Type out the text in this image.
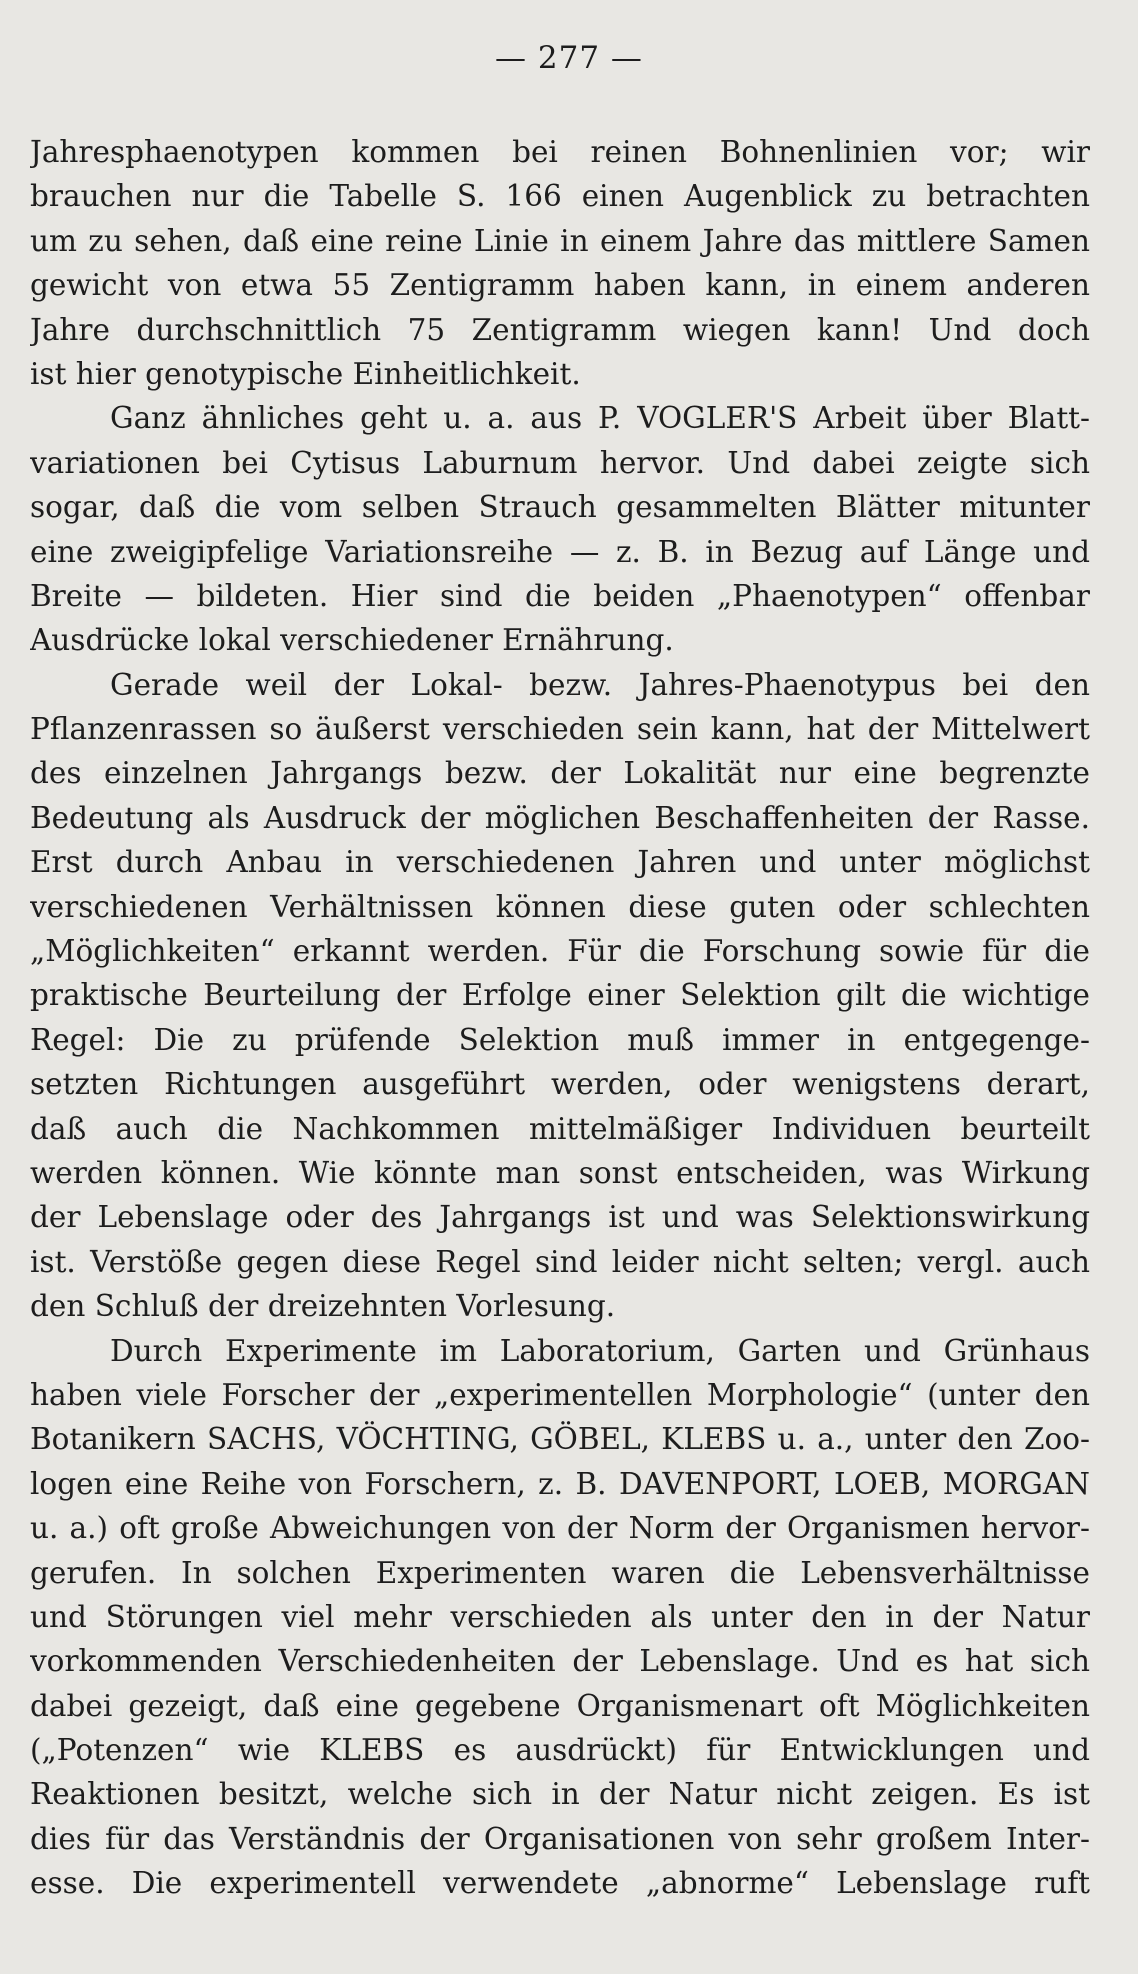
— 277 —
Jahresphaenotypen kommen bei reinen Bohnenlinien vor; wir
brauchen nur die Tabelle S. 166 einen Augenblick zu betrachten
um zu sehen, daß eine reine Linie in einem Jahre das mittlere Samen
gewicht von etwa 55 Zentigramm haben kann, in einem anderen
Jahre durchschnittlich 75 Zentigramm wiegen kann! Und doch
ist hier genotypische Einheitlichkeit.
Ganz ähnliches geht u. a. aus P. VOGLER'S Arbeit über Blatt-
variationen bei Cytisus Laburnum hervor. Und dabei zeigte sich
sogar, daß die vom selben Strauch gesammelten Blätter mitunter
eine zweigipfelige Variationsreihe — z. B. in Bezug auf Länge und
Breite — bildeten. Hier sind die beiden „Phaenotypen“ offenbar
Ausdrücke lokal verschiedener Ernährung.
Gerade weil der Lokal- bezw. Jahres-Phaenotypus bei den
Pflanzenrassen so äußerst verschieden sein kann, hat der Mittelwert
des einzelnen Jahrgangs bezw. der Lokalität nur eine begrenzte
Bedeutung als Ausdruck der möglichen Beschaffenheiten der Rasse.
Erst durch Anbau in verschiedenen Jahren und unter möglichst
verschiedenen Verhältnissen können diese guten oder schlechten
„Möglichkeiten“ erkannt werden. Für die Forschung sowie für die
praktische Beurteilung der Erfolge einer Selektion gilt die wichtige
Regel: Die zu prüfende Selektion muß immer in entgegenge-
setzten Richtungen ausgeführt werden, oder wenigstens derart,
daß auch die Nachkommen mittelmäßiger Individuen beurteilt
werden können. Wie könnte man sonst entscheiden, was Wirkung
der Lebenslage oder des Jahrgangs ist und was Selektionswirkung
ist. Verstöße gegen diese Regel sind leider nicht selten; vergl. auch
den Schluß der dreizehnten Vorlesung.
Durch Experimente im Laboratorium, Garten und Grünhaus
haben viele Forscher der „experimentellen Morphologie“ (unter den
Botanikern SACHS, VÖCHTING, GÖBEL, KLEBS u. a., unter den Zoo-
logen eine Reihe von Forschern, z. B. DAVENPORT, LOEB, MORGAN
u. a.) oft große Abweichungen von der Norm der Organismen hervor-
gerufen. In solchen Experimenten waren die Lebensverhältnisse
und Störungen viel mehr verschieden als unter den in der Natur
vorkommenden Verschiedenheiten der Lebenslage. Und es hat sich
dabei gezeigt, daß eine gegebene Organismenart oft Möglichkeiten
(„Potenzen“ wie KLEBS es ausdrückt) für Entwicklungen und
Reaktionen besitzt, welche sich in der Natur nicht zeigen. Es ist
dies für das Verständnis der Organisationen von sehr großem Inter-
esse. Die experimentell verwendete „abnorme“ Lebenslage ruft
